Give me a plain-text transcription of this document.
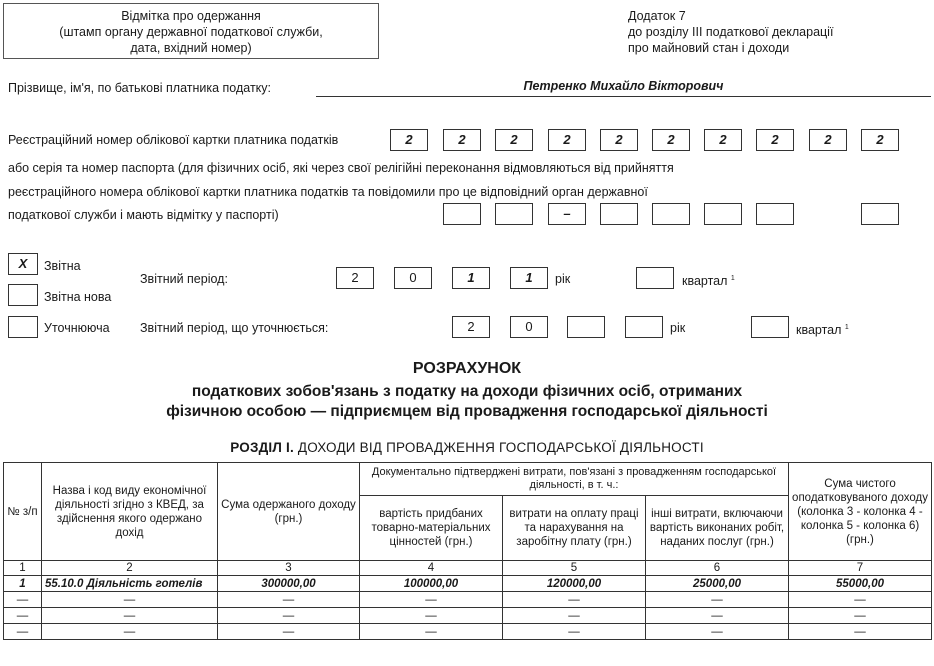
Відмітка про одержання
(штамп органу державної податкової служби,
дата, вхідний номер)
Додаток 7
до розділу ІІІ податкової декларації
про майновий стан і доходи
Прізвище, ім'я, по батькові платника податку:	Петренко Михайло Вікторович
Реєстраційний номер облікової картки платника податків	2	2	2	2	2	2	2	2	2	2
або серія та номер паспорта (для фізичних осіб, які через свої релігійні переконання відмовляються від прийняття
реєстраційного номера облікової картки платника податків та повідомили про це відповідний орган державної
податкової служби і мають відмітку у паспорті)	–
X	Звітна
Звітна нова
Уточнююча
Звітний період:	2	0	1	1	рік	квартал $^1$
Звітний період, що уточнюється:	2	0	рік	квартал $^1$
РОЗРАХУНОК
податкових зобов'язань з податку на доходи фізичних осіб, отриманих
фізичною особою — підприємцем від провадження господарської діяльності
РОЗДІЛ І. ДОХОДИ ВІД ПРОВАДЖЕННЯ ГОСПОДАРСЬКОЇ ДІЯЛЬНОСТІ
№ з/п	Назва і код виду економічної діяльності згідно з КВЕД, за здійснення якого одержано дохід	Сума одержаного доходу (грн.)	Документально підтверджені витрати, пов'язані з провадженням господарської діяльності, в т. ч.:			Сума чистого оподатковуваного доходу (колонка 3 - колонка 4 - колонка 5 - колонка 6) (грн.)
			вартість придбаних товарно-матеріальних цінностей (грн.)	витрати на оплату праці та нарахування на заробітну плату (грн.)	інші витрати, включаючи вартість виконаних робіт, наданих послуг (грн.)	
1	2	3	4	5	6	7
1	55.10.0 Діяльність готелів	300000,00	100000,00	120000,00	25000,00	55000,00
—	—	—	—	—	—	—
—	—	—	—	—	—	—
—	—	—	—	—	—	—
